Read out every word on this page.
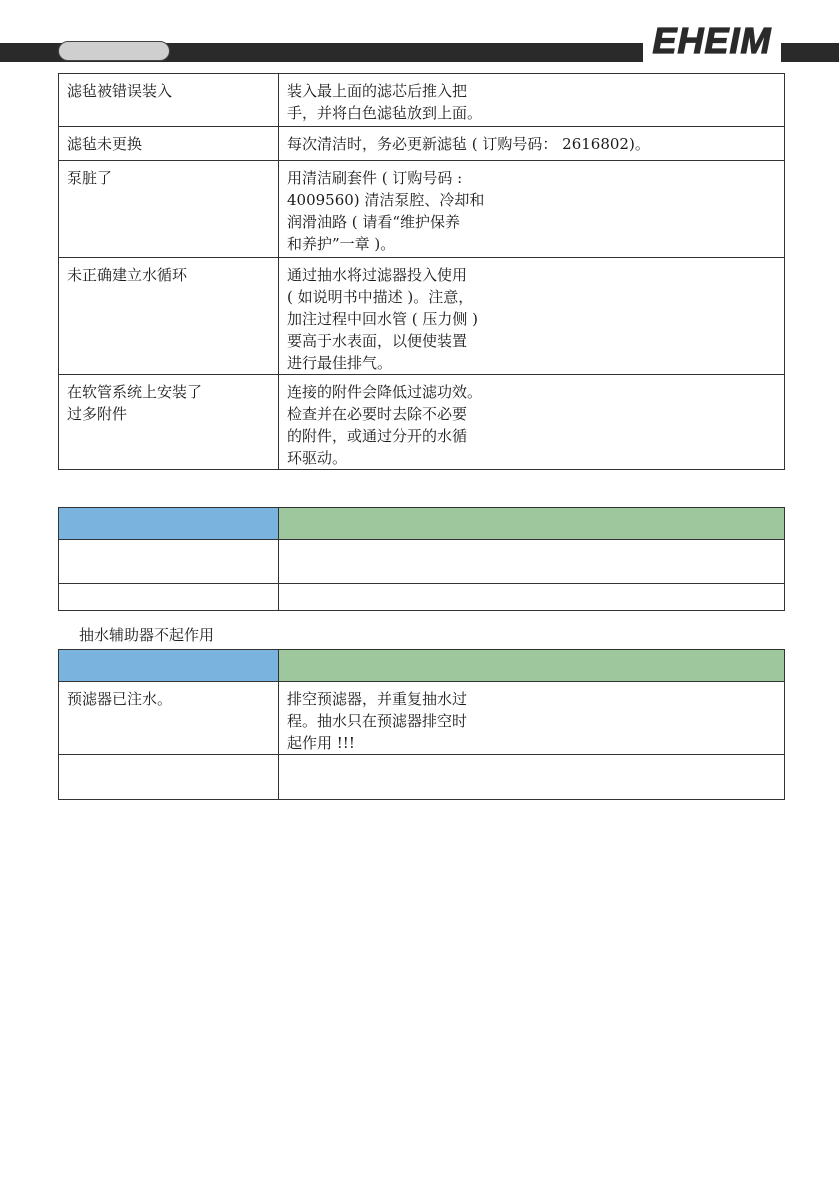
EHEIM
滤毡被错误装入	装入最上面的滤芯后推入把
手，并将白色滤毡放到上面。
滤毡未更换	每次清洁时，务必更新滤毡 ( 订购号码： 2616802)。
泵脏了	用清洁刷套件 ( 订购号码 :
4009560) 清洁泵腔、冷却和
润滑油路 ( 请看“维护保养
和养护”一章 )。
未正确建立水循环	通过抽水将过滤器投入使用
( 如说明书中描述 )。注意，
加注过程中回水管 ( 压力侧 )
要高于水表面，以便使装置
进行最佳排气。
在软管系统上安装了
过多附件	连接的附件会降低过滤功效。
检查并在必要时去除不必要
的附件，或通过分开的水循
环驱动。

抽水辅助器不起作用

预滤器已注水。	排空预滤器，并重复抽水过
程。抽水只在预滤器排空时
起作用 !!!
